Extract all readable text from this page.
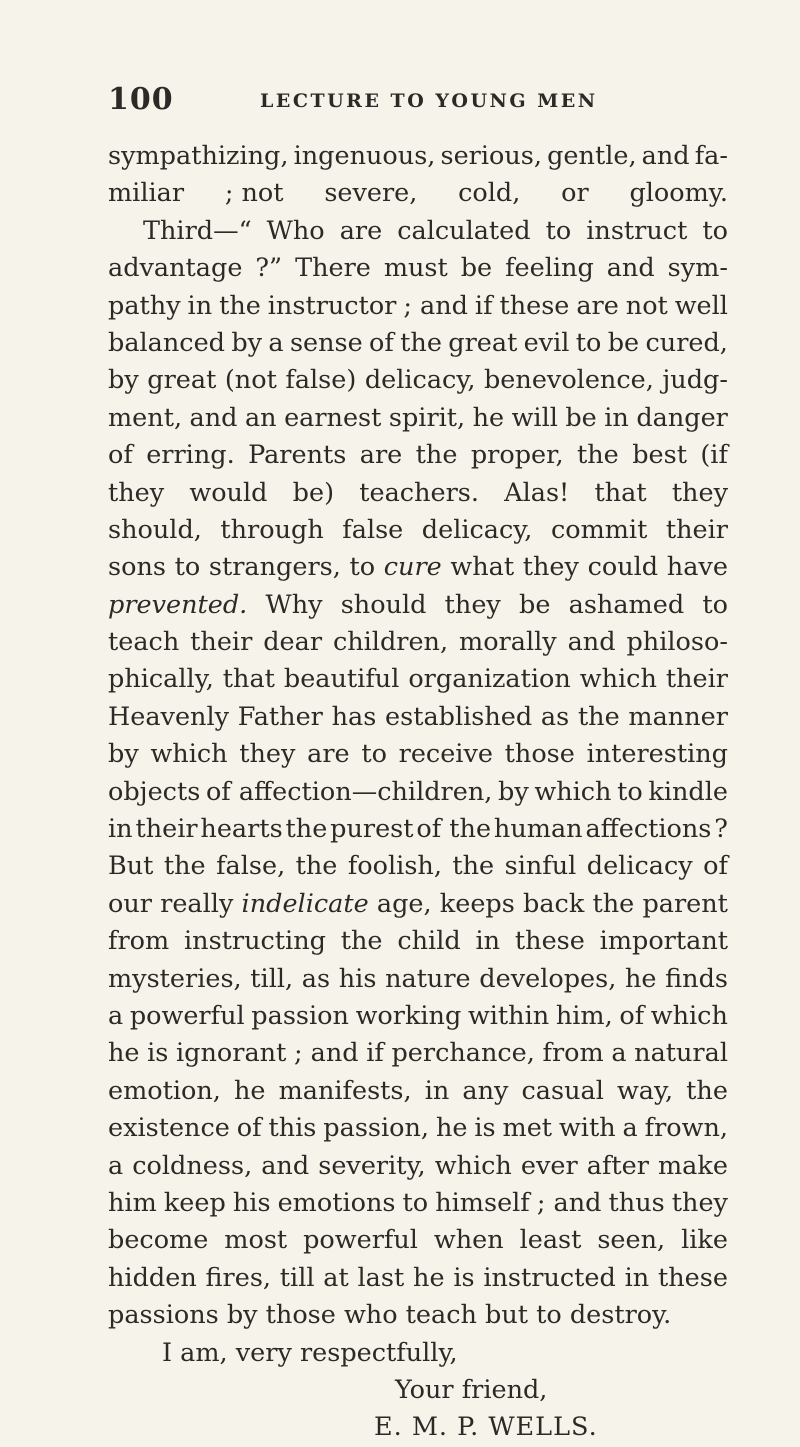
100	LECTURE TO YOUNG MEN
sympathizing, ingenuous, serious, gentle, and fa-
miliar ; not severe, cold, or gloomy.
Third—“ Who are calculated to instruct to
advantage ?” There must be feeling and sym-
pathy in the instructor ; and if these are not well
balanced by a sense of the great evil to be cured,
by great (not false) delicacy, benevolence, judg-
ment, and an earnest spirit, he will be in danger
of erring. Parents are the proper, the best (if
they would be) teachers. Alas! that they
should, through false delicacy, commit their
sons to strangers, to cure what they could have
prevented. Why should they be ashamed to
teach their dear children, morally and philoso-
phically, that beautiful organization which their
Heavenly Father has established as the manner
by which they are to receive those interesting
objects of affection—children, by which to kindle
in their hearts the purest of the human affections ?
But the false, the foolish, the sinful delicacy of
our really indelicate age, keeps back the parent
from instructing the child in these important
mysteries, till, as his nature developes, he finds
a powerful passion working within him, of which
he is ignorant ; and if perchance, from a natural
emotion, he manifests, in any casual way, the
existence of this passion, he is met with a frown,
a coldness, and severity, which ever after make
him keep his emotions to himself ; and thus they
become most powerful when least seen, like
hidden fires, till at last he is instructed in these
passions by those who teach but to destroy.
I am, very respectfully,
Your friend,
E. M. P. WELLS.
